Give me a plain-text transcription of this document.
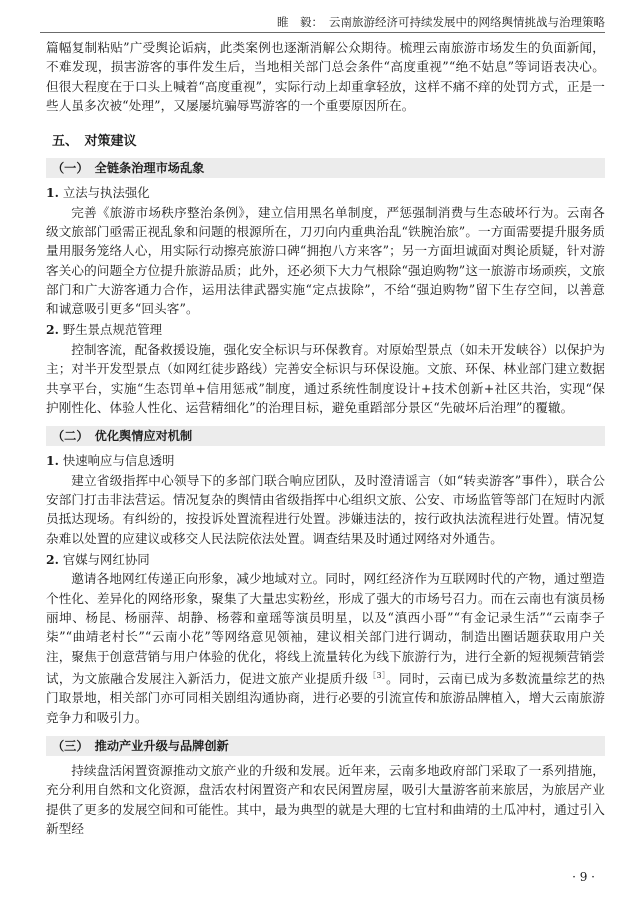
睢　毅： 云南旅游经济可持续发展中的网络舆情挑战与治理策略

篇幅复制粘贴”广受舆论诟病，此类案例也逐渐消解公众期待。梳理云南旅游市场发生的负面新闻，不难发现，损害游客的事件发生后，当地相关部门总会条件“高度重视”“绝不姑息”等词语表决心。但很大程度在于口头上喊着“高度重视”，实际行动上却重拿轻放，这样不痛不痒的处罚方式，正是一些人虽多次被“处理”，又屡屡坑骗辱骂游客的一个重要原因所在。

五、　对策建议
（一）　全链条治理市场乱象
1. 立法与执法强化

完善《旅游市场秩序整治条例》，建立信用黑名单制度，严惩强制消费与生态破坏行为。云南各级文旅部门亟需正视乱象和问题的根源所在，刀刃向内重典治乱“铁腕治旅”。一方面需要提升服务质量用服务笼络人心，用实际行动擦亮旅游口碑“拥抱八方来客”；另一方面坦诚面对舆论质疑，针对游客关心的问题全方位提升旅游品质；此外，还必须下大力气根除“强迫购物”这一旅游市场顽疾，文旅部门和广大游客通力合作，运用法律武器实施“定点拔除”，不给“强迫购物”留下生存空间，以善意和诚意吸引更多“回头客”。

2. 野生景点规范管理

控制客流，配备救援设施，强化安全标识与环保教育。对原始型景点（如未开发峡谷）以保护为主；对半开发型景点（如网红徒步路线）完善安全标识与环保设施。文旅、环保、林业部门建立数据共享平台，实施“生态罚单+信用惩戒”制度，通过系统性制度设计+技术创新+社区共治，实现“保护刚性化、体验人性化、运营精细化”的治理目标，避免重蹈部分景区“先破坏后治理”的覆辙。

（二）　优化舆情应对机制
1. 快速响应与信息透明

建立省级指挥中心领导下的多部门联合响应团队，及时澄清谣言（如“转卖游客”事件），联合公安部门打击非法营运。情况复杂的舆情由省级指挥中心组织文旅、公安、市场监管等部门在短时内派员抵达现场。有纠纷的，按投诉处置流程进行处置。涉嫌违法的，按行政执法流程进行处置。情况复杂难以处置的应建议或移交人民法院依法处置。调查结果及时通过网络对外通告。

2. 官媒与网红协同

邀请各地网红传递正向形象，减少地域对立。同时，网红经济作为互联网时代的产物，通过塑造个性化、差异化的网络形象，聚集了大量忠实粉丝，形成了强大的市场号召力。而在云南也有演员杨丽坤、杨昆、杨丽萍、胡静、杨蓉和童瑶等演员明星，以及“滇西小哥”“有金记录生活”“云南李子柒”“曲靖老村长”“云南小花”等网络意见领袖，建议相关部门进行调动，制造出圈话题获取用户关注，聚焦于创意营销与用户体验的优化，将线上流量转化为线下旅游行为，进行全新的短视频营销尝试，为文旅融合发展注入新活力，促进文旅产业提质升级$^{[3]}$。同时，云南已成为多数流量综艺的热门取景地，相关部门亦可同相关剧组沟通协商，进行必要的引流宣传和旅游品牌植入，增大云南旅游竞争力和吸引力。

（三）　推动产业升级与品牌创新

持续盘活闲置资源推动文旅产业的升级和发展。近年来，云南多地政府部门采取了一系列措施，充分利用自然和文化资源，盘活农村闲置资产和农民闲置房屋，吸引大量游客前来旅居，为旅居产业提供了更多的发展空间和可能性。其中，最为典型的就是大理的七宜村和曲靖的土瓜冲村，通过引入新型经

· 9 ·
